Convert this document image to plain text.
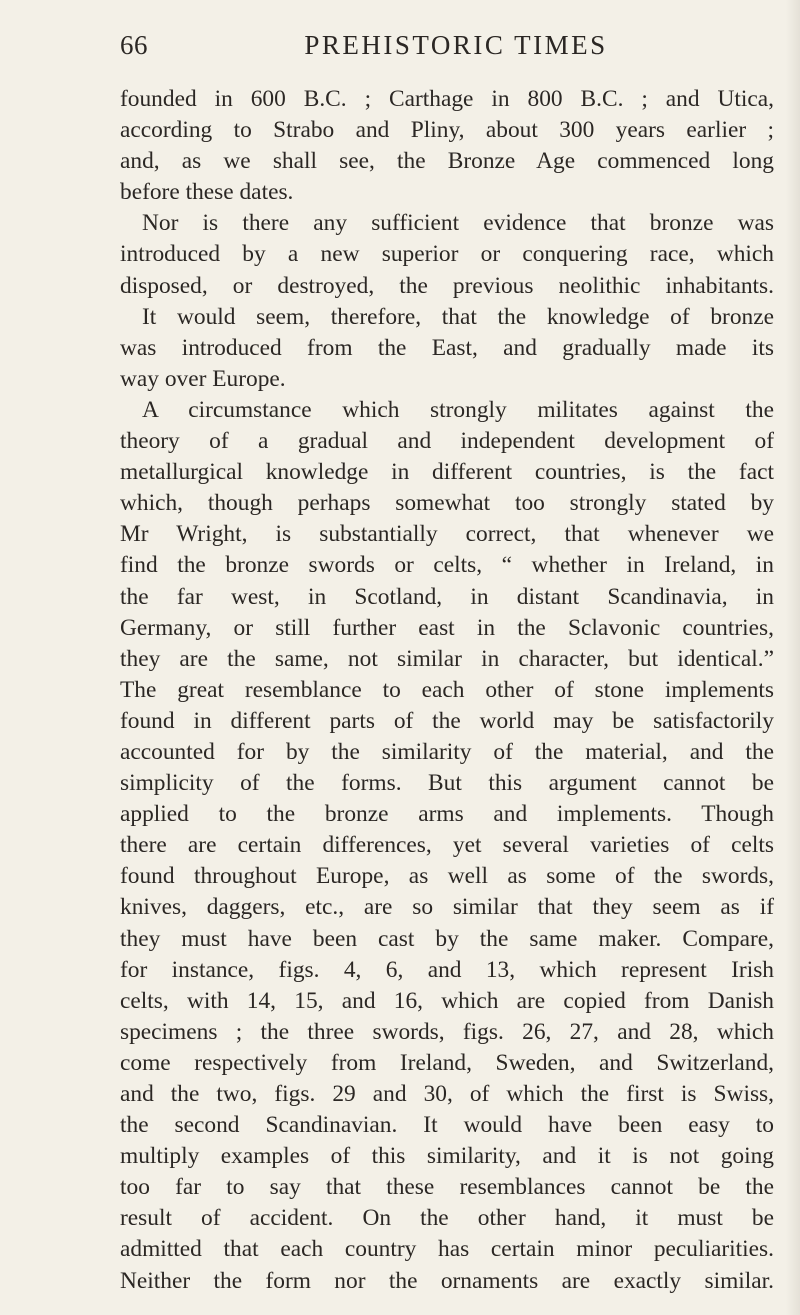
66	PREHISTORIC TIMES
founded in 600 B.C. ; Carthage in 800 B.C. ; and Utica,
according to Strabo and Pliny, about 300 years earlier ;
and, as we shall see, the Bronze Age commenced long
before these dates.
Nor is there any sufficient evidence that bronze was
introduced by a new superior or conquering race, which
disposed, or destroyed, the previous neolithic inhabitants.
It would seem, therefore, that the knowledge of bronze
was introduced from the East, and gradually made its
way over Europe.
A circumstance which strongly militates against the
theory of a gradual and independent development of
metallurgical knowledge in different countries, is the fact
which, though perhaps somewhat too strongly stated by
Mr Wright, is substantially correct, that whenever we
find the bronze swords or celts, “ whether in Ireland, in
the far west, in Scotland, in distant Scandinavia, in
Germany, or still further east in the Sclavonic countries,
they are the same, not similar in character, but identical.”
The great resemblance to each other of stone implements
found in different parts of the world may be satisfactorily
accounted for by the similarity of the material, and the
simplicity of the forms. But this argument cannot be
applied to the bronze arms and implements. Though
there are certain differences, yet several varieties of celts
found throughout Europe, as well as some of the swords,
knives, daggers, etc., are so similar that they seem as if
they must have been cast by the same maker. Compare,
for instance, figs. 4, 6, and 13, which represent Irish
celts, with 14, 15, and 16, which are copied from Danish
specimens ; the three swords, figs. 26, 27, and 28, which
come respectively from Ireland, Sweden, and Switzerland,
and the two, figs. 29 and 30, of which the first is Swiss,
the second Scandinavian. It would have been easy to
multiply examples of this similarity, and it is not going
too far to say that these resemblances cannot be the
result of accident. On the other hand, it must be
admitted that each country has certain minor peculiarities.
Neither the form nor the ornaments are exactly similar.
